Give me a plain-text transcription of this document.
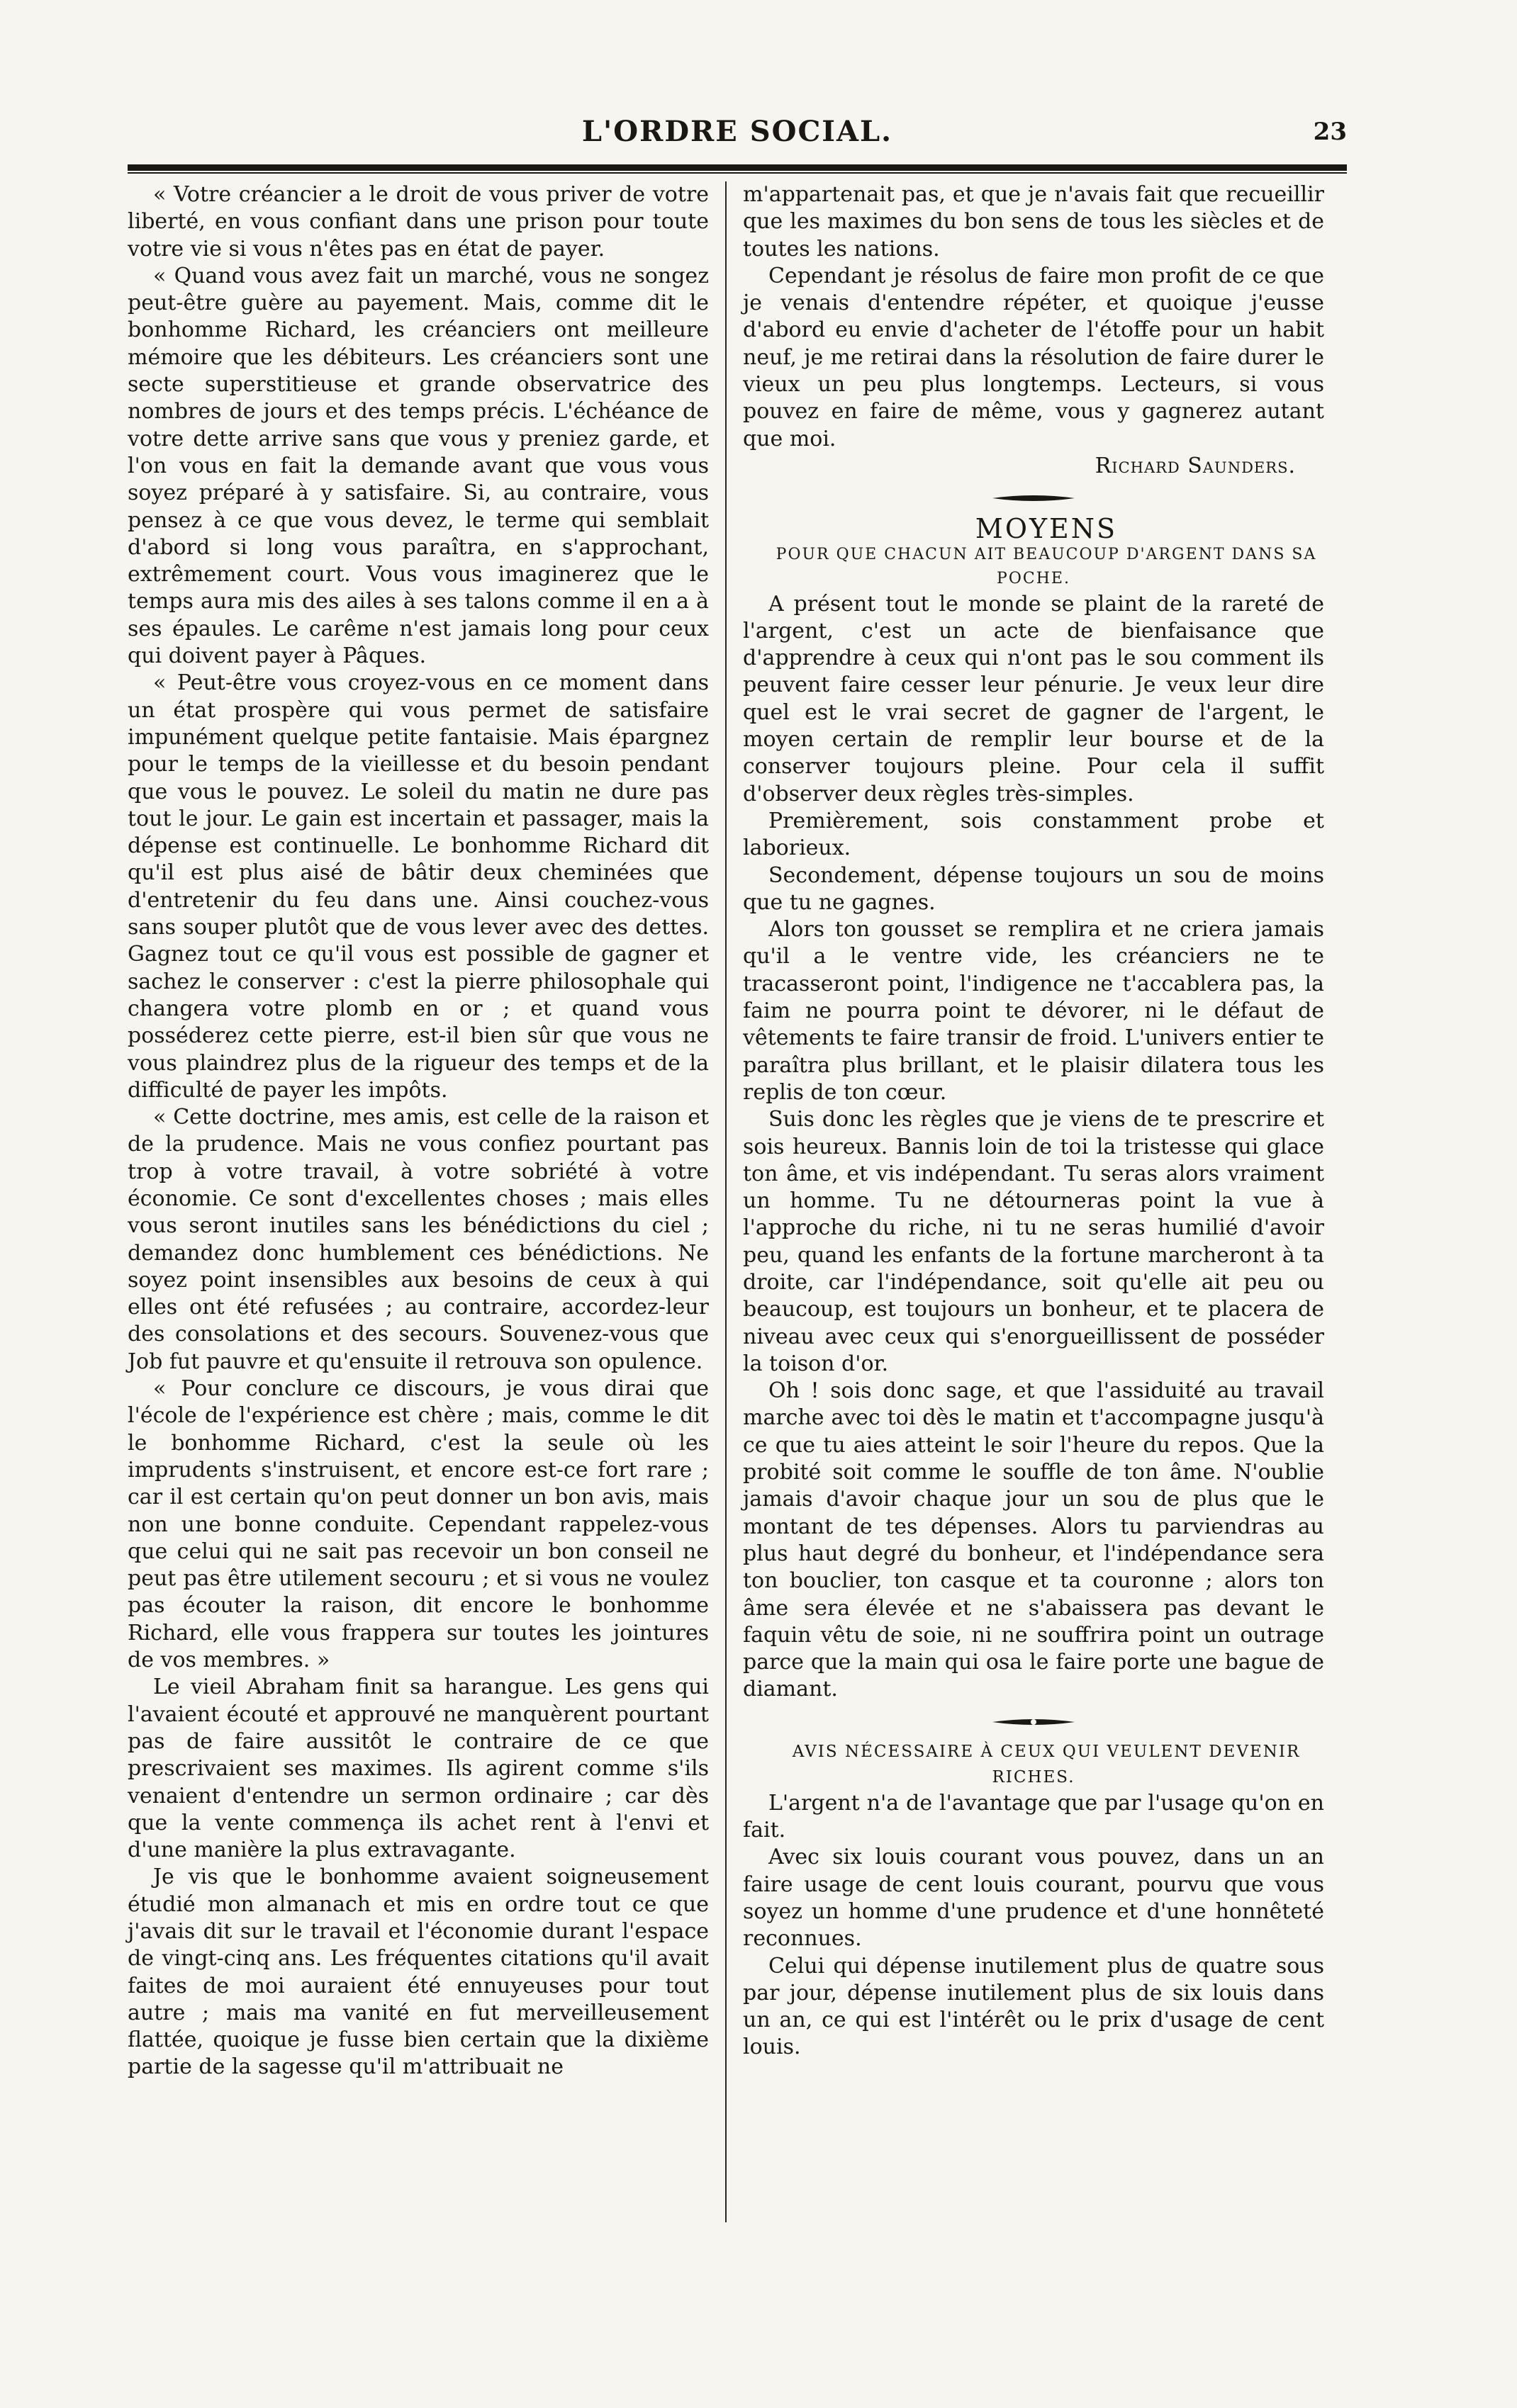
L'ORDRE SOCIAL.	23

« Votre créancier a le droit de vous priver de votre liberté, en vous confiant dans une prison pour toute votre vie si vous n'êtes pas en état de payer.

« Quand vous avez fait un marché, vous ne songez peut-être guère au payement. Mais, comme dit le bonhomme Richard, les créanciers ont meilleure mémoire que les débiteurs. Les créanciers sont une secte superstitieuse et grande observatrice des nombres de jours et des temps précis. L'échéance de votre dette arrive sans que vous y preniez garde, et l'on vous en fait la demande avant que vous vous soyez préparé à y satisfaire. Si, au contraire, vous pensez à ce que vous devez, le terme qui semblait d'abord si long vous paraîtra, en s'approchant, extrêmement court. Vous vous imaginerez que le temps aura mis des ailes à ses talons comme il en a à ses épaules. Le carême n'est jamais long pour ceux qui doivent payer à Pâques.

« Peut-être vous croyez-vous en ce moment dans un état prospère qui vous permet de satisfaire impunément quelque petite fantaisie. Mais épargnez pour le temps de la vieillesse et du besoin pendant que vous le pouvez. Le soleil du matin ne dure pas tout le jour. Le gain est incertain et passager, mais la dépense est continuelle. Le bonhomme Richard dit qu'il est plus aisé de bâtir deux cheminées que d'entretenir du feu dans une. Ainsi couchez-vous sans souper plutôt que de vous lever avec des dettes. Gagnez tout ce qu'il vous est possible de gagner et sachez le conserver : c'est la pierre philosophale qui changera votre plomb en or ; et quand vous posséderez cette pierre, est-il bien sûr que vous ne vous plaindrez plus de la rigueur des temps et de la difficulté de payer les impôts.

« Cette doctrine, mes amis, est celle de la raison et de la prudence. Mais ne vous confiez pourtant pas trop à votre travail, à votre sobriété à votre économie. Ce sont d'excellentes choses ; mais elles vous seront inutiles sans les bénédictions du ciel ; demandez donc humblement ces bénédictions. Ne soyez point insensibles aux besoins de ceux à qui elles ont été refusées ; au contraire, accordez-leur des consolations et des secours. Souvenez-vous que Job fut pauvre et qu'ensuite il retrouva son opulence.

« Pour conclure ce discours, je vous dirai que l'école de l'expérience est chère ; mais, comme le dit le bonhomme Richard, c'est la seule où les imprudents s'instruisent, et encore est-ce fort rare ; car il est certain qu'on peut donner un bon avis, mais non une bonne conduite. Cependant rappelez-vous que celui qui ne sait pas recevoir un bon conseil ne peut pas être utilement secouru ; et si vous ne voulez pas écouter la raison, dit encore le bonhomme Richard, elle vous frappera sur toutes les jointures de vos membres. »

Le vieil Abraham finit sa harangue. Les gens qui l'avaient écouté et approuvé ne manquèrent pourtant pas de faire aussitôt le contraire de ce que prescrivaient ses maximes. Ils agirent comme s'ils venaient d'entendre un sermon ordinaire ; car dès que la vente commença ils achet rent à l'envi et d'une manière la plus extravagante.

Je vis que le bonhomme avaient soigneusement étudié mon almanach et mis en ordre tout ce que j'avais dit sur le travail et l'économie durant l'espace de vingt-cinq ans. Les fréquentes citations qu'il avait faites de moi auraient été ennuyeuses pour tout autre ; mais ma vanité en fut merveilleusement flattée, quoique je fusse bien certain que la dixième partie de la sagesse qu'il m'attribuait ne

m'appartenait pas, et que je n'avais fait que recueillir que les maximes du bon sens de tous les siècles et de toutes les nations.

Cependant je résolus de faire mon profit de ce que je venais d'entendre répéter, et quoique j'eusse d'abord eu envie d'acheter de l'étoffe pour un habit neuf, je me retirai dans la résolution de faire durer le vieux un peu plus longtemps. Lecteurs, si vous pouvez en faire de même, vous y gagnerez autant que moi.

Richard Saunders.

MOYENS

POUR QUE CHACUN AIT BEAUCOUP D'ARGENT DANS SA POCHE.

A présent tout le monde se plaint de la rareté de l'argent, c'est un acte de bienfaisance que d'apprendre à ceux qui n'ont pas le sou comment ils peuvent faire cesser leur pénurie. Je veux leur dire quel est le vrai secret de gagner de l'argent, le moyen certain de remplir leur bourse et de la conserver toujours pleine. Pour cela il suffit d'observer deux règles très-simples.

Premièrement, sois constamment probe et laborieux.

Secondement, dépense toujours un sou de moins que tu ne gagnes.

Alors ton gousset se remplira et ne criera jamais qu'il a le ventre vide, les créanciers ne te tracasseront point, l'indigence ne t'accablera pas, la faim ne pourra point te dévorer, ni le défaut de vêtements te faire transir de froid. L'univers entier te paraîtra plus brillant, et le plaisir dilatera tous les replis de ton cœur.

Suis donc les règles que je viens de te prescrire et sois heureux. Bannis loin de toi la tristesse qui glace ton âme, et vis indépendant. Tu seras alors vraiment un homme. Tu ne détourneras point la vue à l'approche du riche, ni tu ne seras humilié d'avoir peu, quand les enfants de la fortune marcheront à ta droite, car l'indépendance, soit qu'elle ait peu ou beaucoup, est toujours un bonheur, et te placera de niveau avec ceux qui s'enorgueillissent de posséder la toison d'or.

Oh ! sois donc sage, et que l'assiduité au travail marche avec toi dès le matin et t'accompagne jusqu'à ce que tu aies atteint le soir l'heure du repos. Que la probité soit comme le souffle de ton âme. N'oublie jamais d'avoir chaque jour un sou de plus que le montant de tes dépenses. Alors tu parviendras au plus haut degré du bonheur, et l'indépendance sera ton bouclier, ton casque et ta couronne ; alors ton âme sera élevée et ne s'abaissera pas devant le faquin vêtu de soie, ni ne souffrira point un outrage parce que la main qui osa le faire porte une bague de diamant.

AVIS NÉCESSAIRE À CEUX QUI VEULENT DEVENIR RICHES.

L'argent n'a de l'avantage que par l'usage qu'on en fait.

Avec six louis courant vous pouvez, dans un an faire usage de cent louis courant, pourvu que vous soyez un homme d'une prudence et d'une honnêteté reconnues.

Celui qui dépense inutilement plus de quatre sous par jour, dépense inutilement plus de six louis dans un an, ce qui est l'intérêt ou le prix d'usage de cent louis.
